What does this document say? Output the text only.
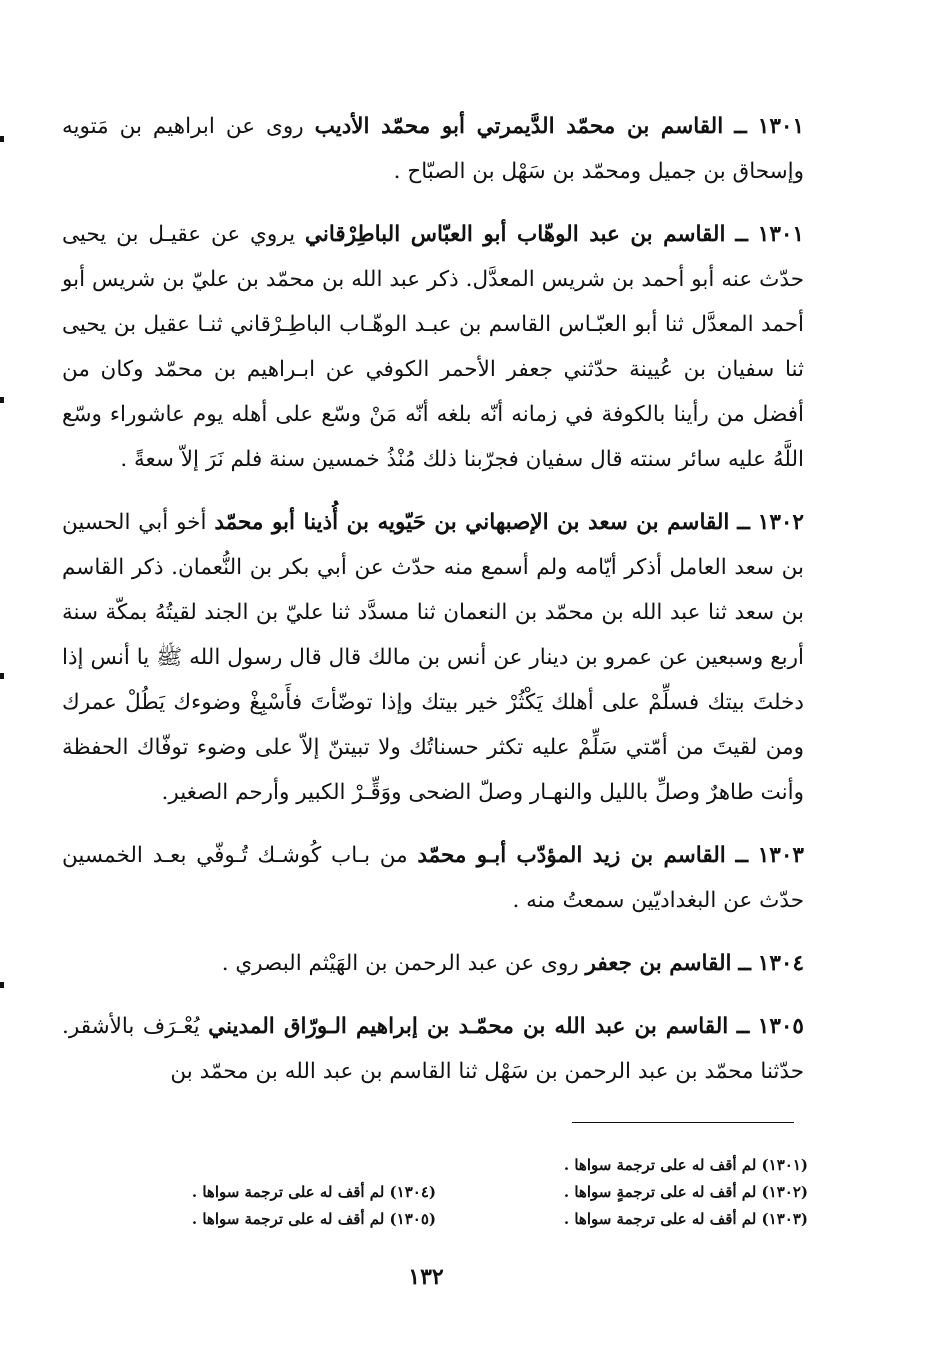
١٣٠١ ــ القاسم بن محمّد الدَّيمرتي أبو محمّد الأديب روى عن ابراهيم بن مَتويه وإسحاق بن جميل ومحمّد بن سَهْل بن الصبّاح .

١٣٠١ ــ القاسم بن عبد الوهّاب أبو العبّاس الباطِرْقاني يروي عن عقيـل بن يحيى حدّث عنه أبو أحمد بن شريس المعدَّل. ذكر عبد الله بن محمّد بن عليّ بن شريس أبو أحمد المعدَّل ثنا أبو العبّـاس القاسم بن عبـد الوهّـاب الباطِـرْقاني ثنـا عقيل بن يحيى ثنا سفيان بن عُيينة حدّثني جعفر الأحمر الكوفي عن ابـراهيم بن محمّد وكان من أفضل من رأينا بالكوفة في زمانه أنّه بلغه أنّه مَنْ وسّع على أهله يوم عاشوراء وسّع اللَّهُ عليه سائر سنته قال سفيان فجرّبنا ذلك مُنْذُ خمسين سنة فلم نَرَ إلاّ سعةً .

١٣٠٢ ــ القاسم بن سعد بن الإصبهاني بن حَيّويه بن أُذينا أبو محمّد أخو أبي الحسين بن سعد العامل أذكر أيّامه ولم أسمع منه حدّث عن أبي بكر بن النُّعمان. ذكر القاسم بن سعد ثنا عبد الله بن محمّد بن النعمان ثنا مسدَّد ثنا عليّ بن الجند لقيتُهُ بمكّة سنة أربع وسبعين عن عمرو بن دينار عن أنس بن مالك قال قال رسول الله ﷺ يا أنس إذا دخلتَ بيتك فسلِّمْ على أهلك يَكْثُرْ خير بيتك وإذا توضّأتَ فأَسْبِغْ وضوءك يَطُلْ عمرك ومن لقيتَ من أمّتي سَلِّمْ عليه تكثر حسناتُك ولا تبيتنّ إلاّ على وضوء توفّاك الحفظة وأنت طاهرٌ وصلِّ بالليل والنهـار وصلّ الضحى ووَقِّـرْ الكبير وأرحم الصغير.

١٣٠٣ ــ القاسم بن زيد المؤدّب أبـو محمّد من بـاب كُوشـك تُـوفّي بعـد الخمسين حدّث عن البغداديّين سمعتُ منه .

١٣٠٤ ــ القاسم بن جعفر روى عن عبد الرحمن بن الهَيْثم البصري .

١٣٠٥ ــ القاسم بن عبد الله بن محمّـد بن إبراهيم الـورّاق المديني يُعْـرَف بالأشقر. حدّثنا محمّد بن عبد الرحمن بن سَهْل ثنا القاسم بن عبد الله بن محمّد بن

(١٣٠١) لم أقف له على ترجمة سواها .
(١٣٠٢) لم أقف له على ترجمةٍ سواها .
(١٣٠٣) لم أقف له على ترجمة سواها .
(١٣٠٤) لم أقف له على ترجمة سواها .
(١٣٠٥) لم أقف له على ترجمة سواها .
١٣٢
